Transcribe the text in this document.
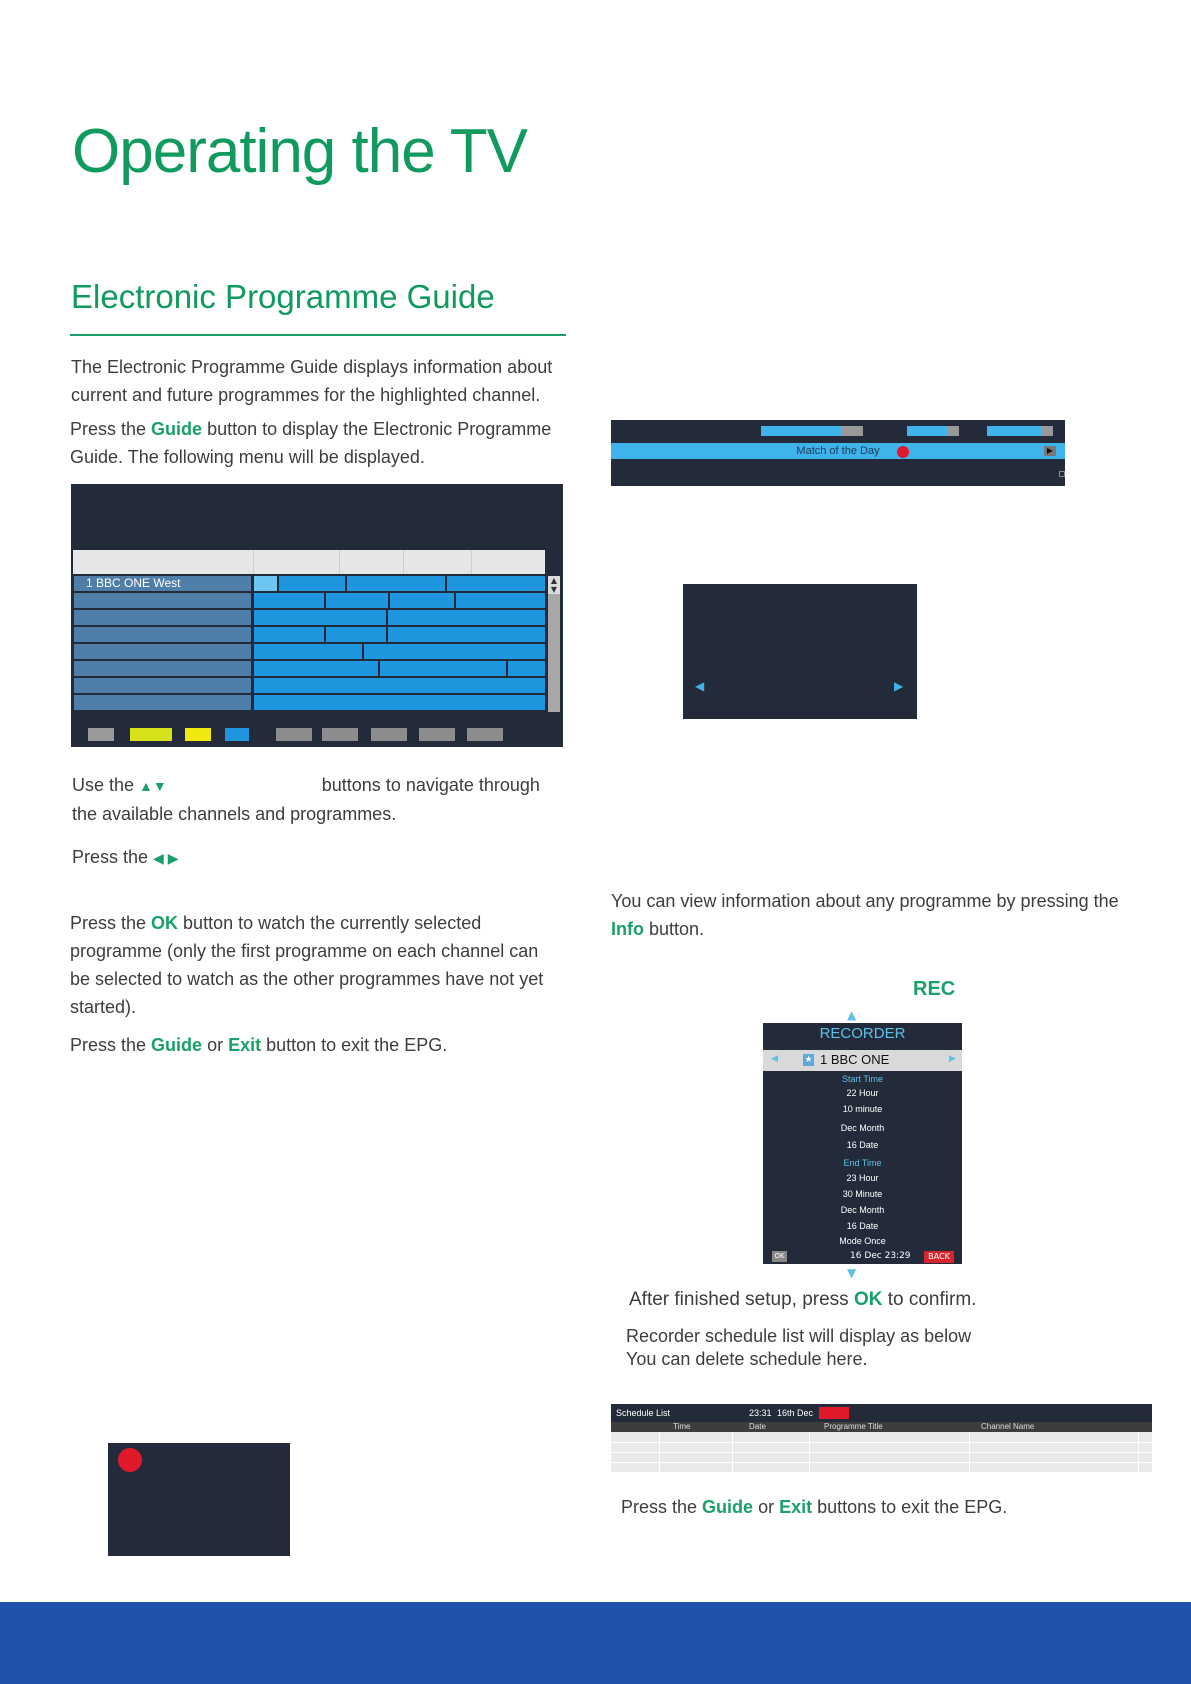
Operating the TV
Electronic Programme Guide

The Electronic Programme Guide displays information about current and future programmes for the highlighted channel.

Press the Guide button to display the Electronic Programme Guide. The following menu will be displayed.

1 BBC ONE West	▲
▼

Use the ▲▼	buttons to navigate through the available channels and programmes.

Press the ◀ ▶

Press the OK button to watch the currently selected programme (only the first programme on each channel can be selected to watch as the other programmes have not yet started).

Press the Guide or Exit button to exit the EPG.

Match of the Day	▶
◀	▶

You can view information about any programme by pressing the Info button.

REC
▲
RECORDER
◀	★ 1 BBC ONE	▶
Start Time
22 Hour
10 minute
Dec Month
16 Date
End Time
23 Hour
30 Minute
Dec Month
16 Date
Mode Once
OK	16 Dec 23:29	BACK
▼

After finished setup, press OK to confirm.

Recorder schedule list will display as below
You can delete schedule here.

Schedule List	23:31 16th Dec
Time	Date	Programme Title	Channel Name

Press the Guide or Exit buttons to exit the EPG.
